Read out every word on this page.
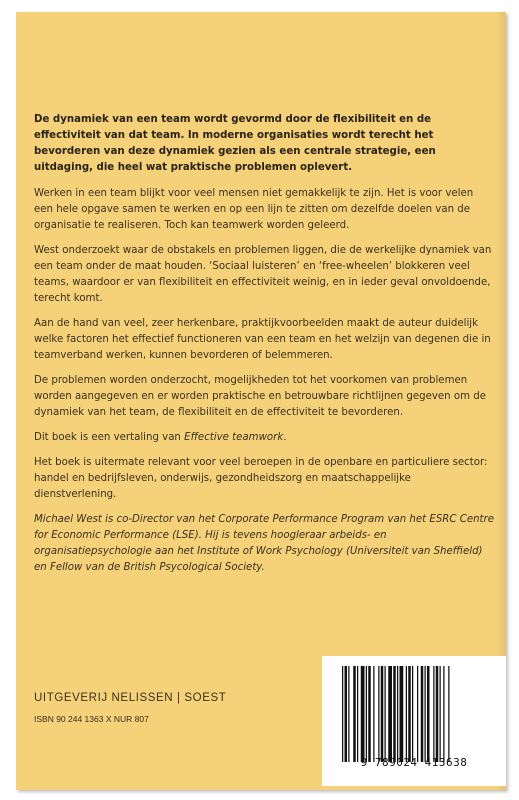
De dynamiek van een team wordt gevormd door de flexibiliteit en de effectiviteit van dat team. In moderne organisaties wordt terecht het bevorderen van deze dynamiek gezien als een centrale strategie, een uitdaging, die heel wat praktische problemen oplevert.

Werken in een team blijkt voor veel mensen niet gemakkelijk te zijn. Het is voor velen een hele opgave samen te werken en op een lijn te zitten om dezelfde doelen van de organisatie te realiseren. Toch kan teamwerk worden geleerd.

West onderzoekt waar de obstakels en problemen liggen, die de werkelijke dynamiek van een team onder de maat houden. ‘Sociaal luisteren’ en ‘free-wheelen’ blokkeren veel teams, waardoor er van flexibiliteit en effectiviteit weinig, en in ieder geval onvoldoende, terecht komt.

Aan de hand van veel, zeer herkenbare, praktijkvoorbeelden maakt de auteur duidelijk welke factoren het effectief functioneren van een team en het welzijn van degenen die in teamverband werken, kunnen bevorderen of belemmeren.

De problemen worden onderzocht, mogelijkheden tot het voorkomen van problemen worden aangegeven en er worden praktische en betrouwbare richtlijnen gegeven om de dynamiek van het team, de flexibiliteit en de effectiviteit te bevorderen.

Dit boek is een vertaling van Effective teamwork.

Het boek is uitermate relevant voor veel beroepen in de openbare en particuliere sector: handel en bedrijfsleven, onderwijs, gezondheidszorg en maatschappelijke dienstverlening.

Michael West is co-Director van het Corporate Performance Program van het ESRC Centre for Economic Performance (LSE). Hij is tevens hoogleraar arbeids- en organisatiepsychologie aan het Institute of Work Psychology (Universiteit van Sheffield) en Fellow van de British Psycological Society.

UITGEVERIJ NELISSEN | SOEST
ISBN 90 244 1363 X NUR 807
9 789024 413638
